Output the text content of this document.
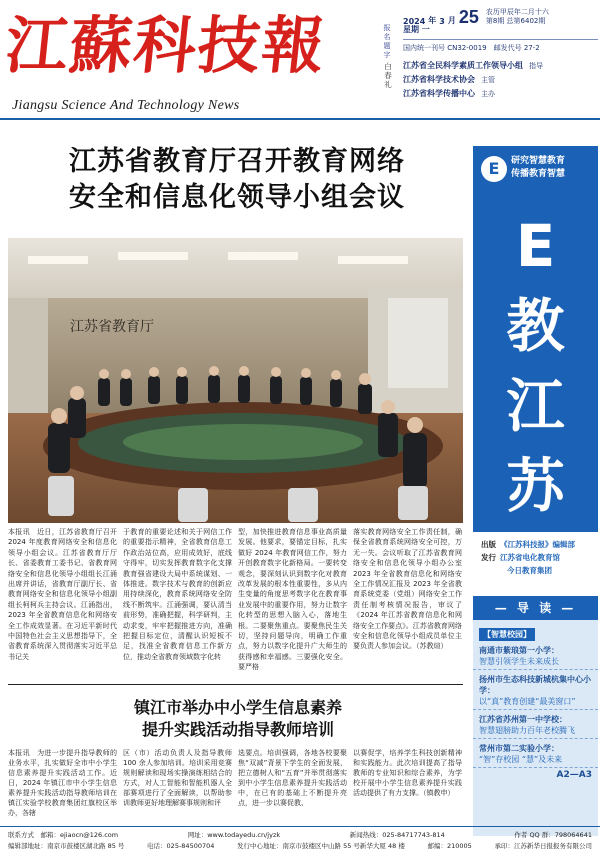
江蘇科技報
Jiangsu Science And Technology News
报名题字
白春礼
2024 年 3 月 25 农历甲辰年二月十六
第8期 总第6402期
星期 一
国内统一刊号 CN32-0019　邮发代号 27-2
江苏省全民科学素质工作领导小组 指导
江苏省科学技术协会 主管
江苏省科学传播中心 主办
江苏省教育厅召开教育网络
安全和信息化领导小组会议
江苏省教育厅
本报讯　近日，江苏省教育厅召开 2024 年度教育网络安全和信息化领导小组会议。江苏省教育厅厅长、省委教育工委书记、省教育网络安全和信息化领导小组组长江涌出席并讲话，省教育厅副厅长、省教育网络安全和信息化领导小组副组长柯柯兵主持会议。江涌指出，2023 年全省教育信息化和网络安全工作成效显著。在习近平新时代中国特色社会主义思想指导下，全省教育系统深入贯彻落实习近平总书记关
于教育的重要论述和关于网信工作的重要指示精神，全省教育信息工作政治站位高，应用成效好，底线守得牢，切实发挥教育数字化支撑教育强省建设大局中系统谋划、一体推进。数字技术与教育的创新应用持续深化，教育系统网络安全防线不断筑牢。江涌强调，要认清当前形势，准确把握，科学研判，主动求变，牢牢把握推进方向，准确把握目标定位，清醒认识短板不足，找准全省教育信息工作新方位，推动全省教育领域数字化转
型，加快推进教育信息事业高质量发展。他要求，要锚定目标，扎实做好 2024 年教育网信工作，努力开创教育数字化新格局。一要转变观念，要深刻认识到数字化对教育改革发展的根本性重要性，多从内生变量的角度思考数字化在教育事业发展中的重要作用，努力让数字化转型的思想入脑入心，落地生根。二要聚焦重点。要聚焦民生关切，坚持问题导向，明确工作重点，努力以数字化提升广大师生的获得感和幸福感。三要强化安全。要严格
落实教育网络安全工作责任制，确保全省教育系统网络安全可控，万无一失。会议听取了江苏省教育网络安全和信息化领导小组办公室 2023 年全省教育信息化和网络安全工作情况汇报及 2023 年全省教育系统党委（党组）网络安全工作责任制考核情况报告，审议了《2024 年江苏省教育信息化和网络安全工作要点》。江苏省教育网络安全和信息化领导小组成员单位主要负责人参加会议。（苏教煊）
镇江市举办中小学生信息素养
提升实践活动指导教师培训
本报讯　为进一步提升指导教师的业务水平，扎实做好全市中小学生信息素养提升实践活动工作。近日，2024 年镇江市中小学生信息素养提升实践活动指导教师培训在镇江实验学校教育集团红旗校区举办，各辖
区（市）活动负责人及指导教师 100 余人参加培训。培训采用竞赛规则解读和现场实操演练相结合的方式，对人工智能和智能机器人全部赛项进行了全面解读，以帮助参训教师更好地理解赛事规则和评
选要点。培训强调，各地各校要聚焦“双减”背景下学生的全面发展，把立德树人和“五育”并举贯彻落实到中小学生信息素养提升实践活动中，在已有的基础上不断提升亮点，进一步以赛促教、
以赛促学，培养学生科技创新精神和实践能力。此次培训提高了指导教师的专业知识和综合素养，为学校开展中小学生信息素养提升实践活动提供了有力支撑。（镇教申）
E	研究智慧教育
传播教育智慧
E
教
江
苏
出版 《江苏科技报》编辑部
发行 江苏省电化教育馆
今日教育集团
— 导 读 —
【智慧校园】
南通市紫琅第一小学：
智慧引领学生未来成长
扬州市生态科技新城杭集中心小学：
以“真”教育创建“最美窗口”
江苏省苏州第一中学校：
智慧翅膀助力百年老校腾飞
常州市第二实验小学：
“智”存校园 “慧”及未来
A2—A3
联系方式　邮箱：ejiaocn@126.com	网址：www.todayedu.cn/jyzk	新闻热线：025-84717743-814	作者 QQ 群：798064641
编辑部地址：南京市鼓楼区湖北路 85 号	电话：025-84500704	发行中心地址：南京市鼓楼区中山路 55 号新华大厦 48 楼	邮编：210005	承印：江苏新华日报报务有限公司
